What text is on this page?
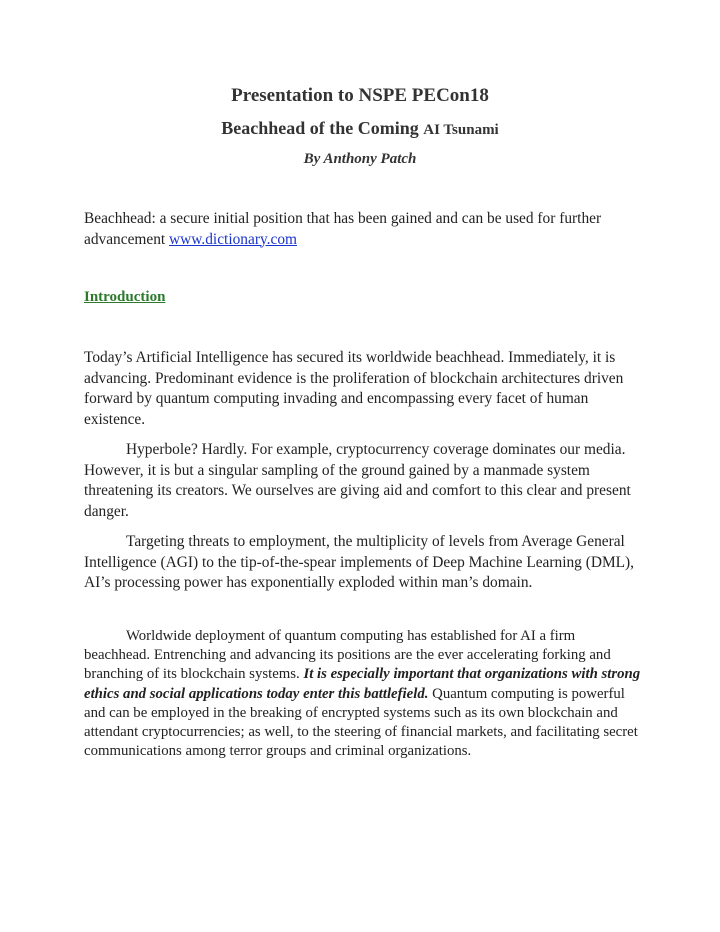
Presentation to NSPE PECon18
Beachhead of the Coming AI Tsunami
By Anthony Patch
Beachhead: a secure initial position that has been gained and can be used for further advancement www.dictionary.com
Introduction
Today’s Artificial Intelligence has secured its worldwide beachhead. Immediately, it is advancing. Predominant evidence is the proliferation of blockchain architectures driven forward by quantum computing invading and encompassing every facet of human existence.
Hyperbole? Hardly. For example, cryptocurrency coverage dominates our media. However, it is but a singular sampling of the ground gained by a manmade system threatening its creators. We ourselves are giving aid and comfort to this clear and present danger.
Targeting threats to employment, the multiplicity of levels from Average General Intelligence (AGI) to the tip-of-the-spear implements of Deep Machine Learning (DML), AI’s processing power has exponentially exploded within man’s domain.
Worldwide deployment of quantum computing has established for AI a firm beachhead. Entrenching and advancing its positions are the ever accelerating forking and branching of its blockchain systems. It is especially important that organizations with strong ethics and social applications today enter this battlefield. Quantum computing is powerful and can be employed in the breaking of encrypted systems such as its own blockchain and attendant cryptocurrencies; as well, to the steering of financial markets, and facilitating secret communications among terror groups and criminal organizations.
